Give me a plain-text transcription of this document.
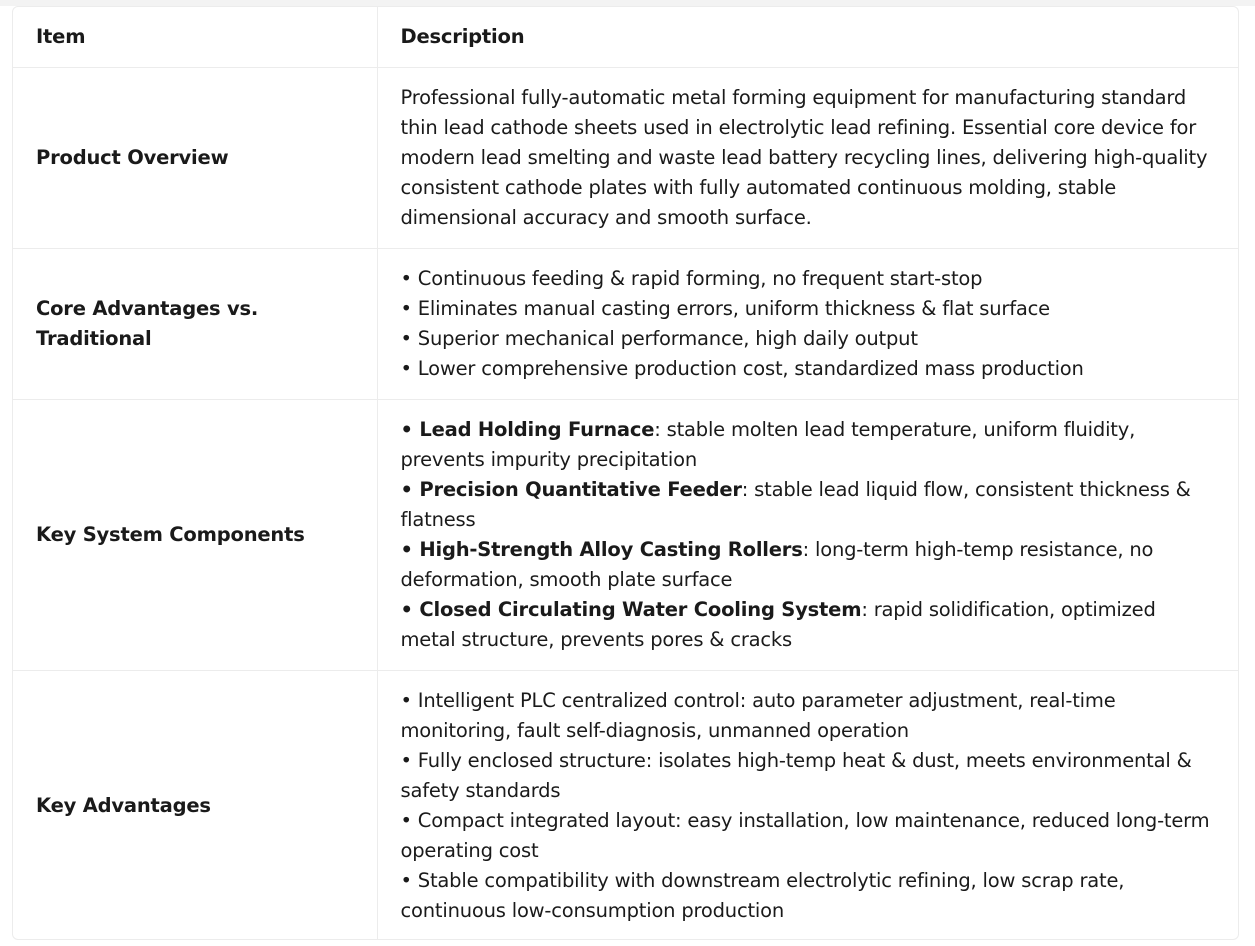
Item	Description
Product Overview	Professional fully-automatic metal forming equipment for manufacturing standard thin lead cathode sheets used in electrolytic lead refining. Essential core device for modern lead smelting and waste lead battery recycling lines, delivering high-quality consistent cathode plates with fully automated continuous molding, stable dimensional accuracy and smooth surface.
Core Advantages vs. Traditional	• Continuous feeding & rapid forming, no frequent start-stop
• Eliminates manual casting errors, uniform thickness & flat surface
• Superior mechanical performance, high daily output
• Lower comprehensive production cost, standardized mass production

Key System Components	• Lead Holding Furnace: stable molten lead temperature, uniform fluidity, prevents impurity precipitation
• Precision Quantitative Feeder: stable lead liquid flow, consistent thickness & flatness
• High-Strength Alloy Casting Rollers: long-term high-temp resistance, no deformation, smooth plate surface
• Closed Circulating Water Cooling System: rapid solidification, optimized metal structure, prevents pores & cracks

Key Advantages	• Intelligent PLC centralized control: auto parameter adjustment, real-time monitoring, fault self-diagnosis, unmanned operation
• Fully enclosed structure: isolates high-temp heat & dust, meets environmental & safety standards
• Compact integrated layout: easy installation, low maintenance, reduced long-term operating cost
• Stable compatibility with downstream electrolytic refining, low scrap rate, continuous low-consumption production
